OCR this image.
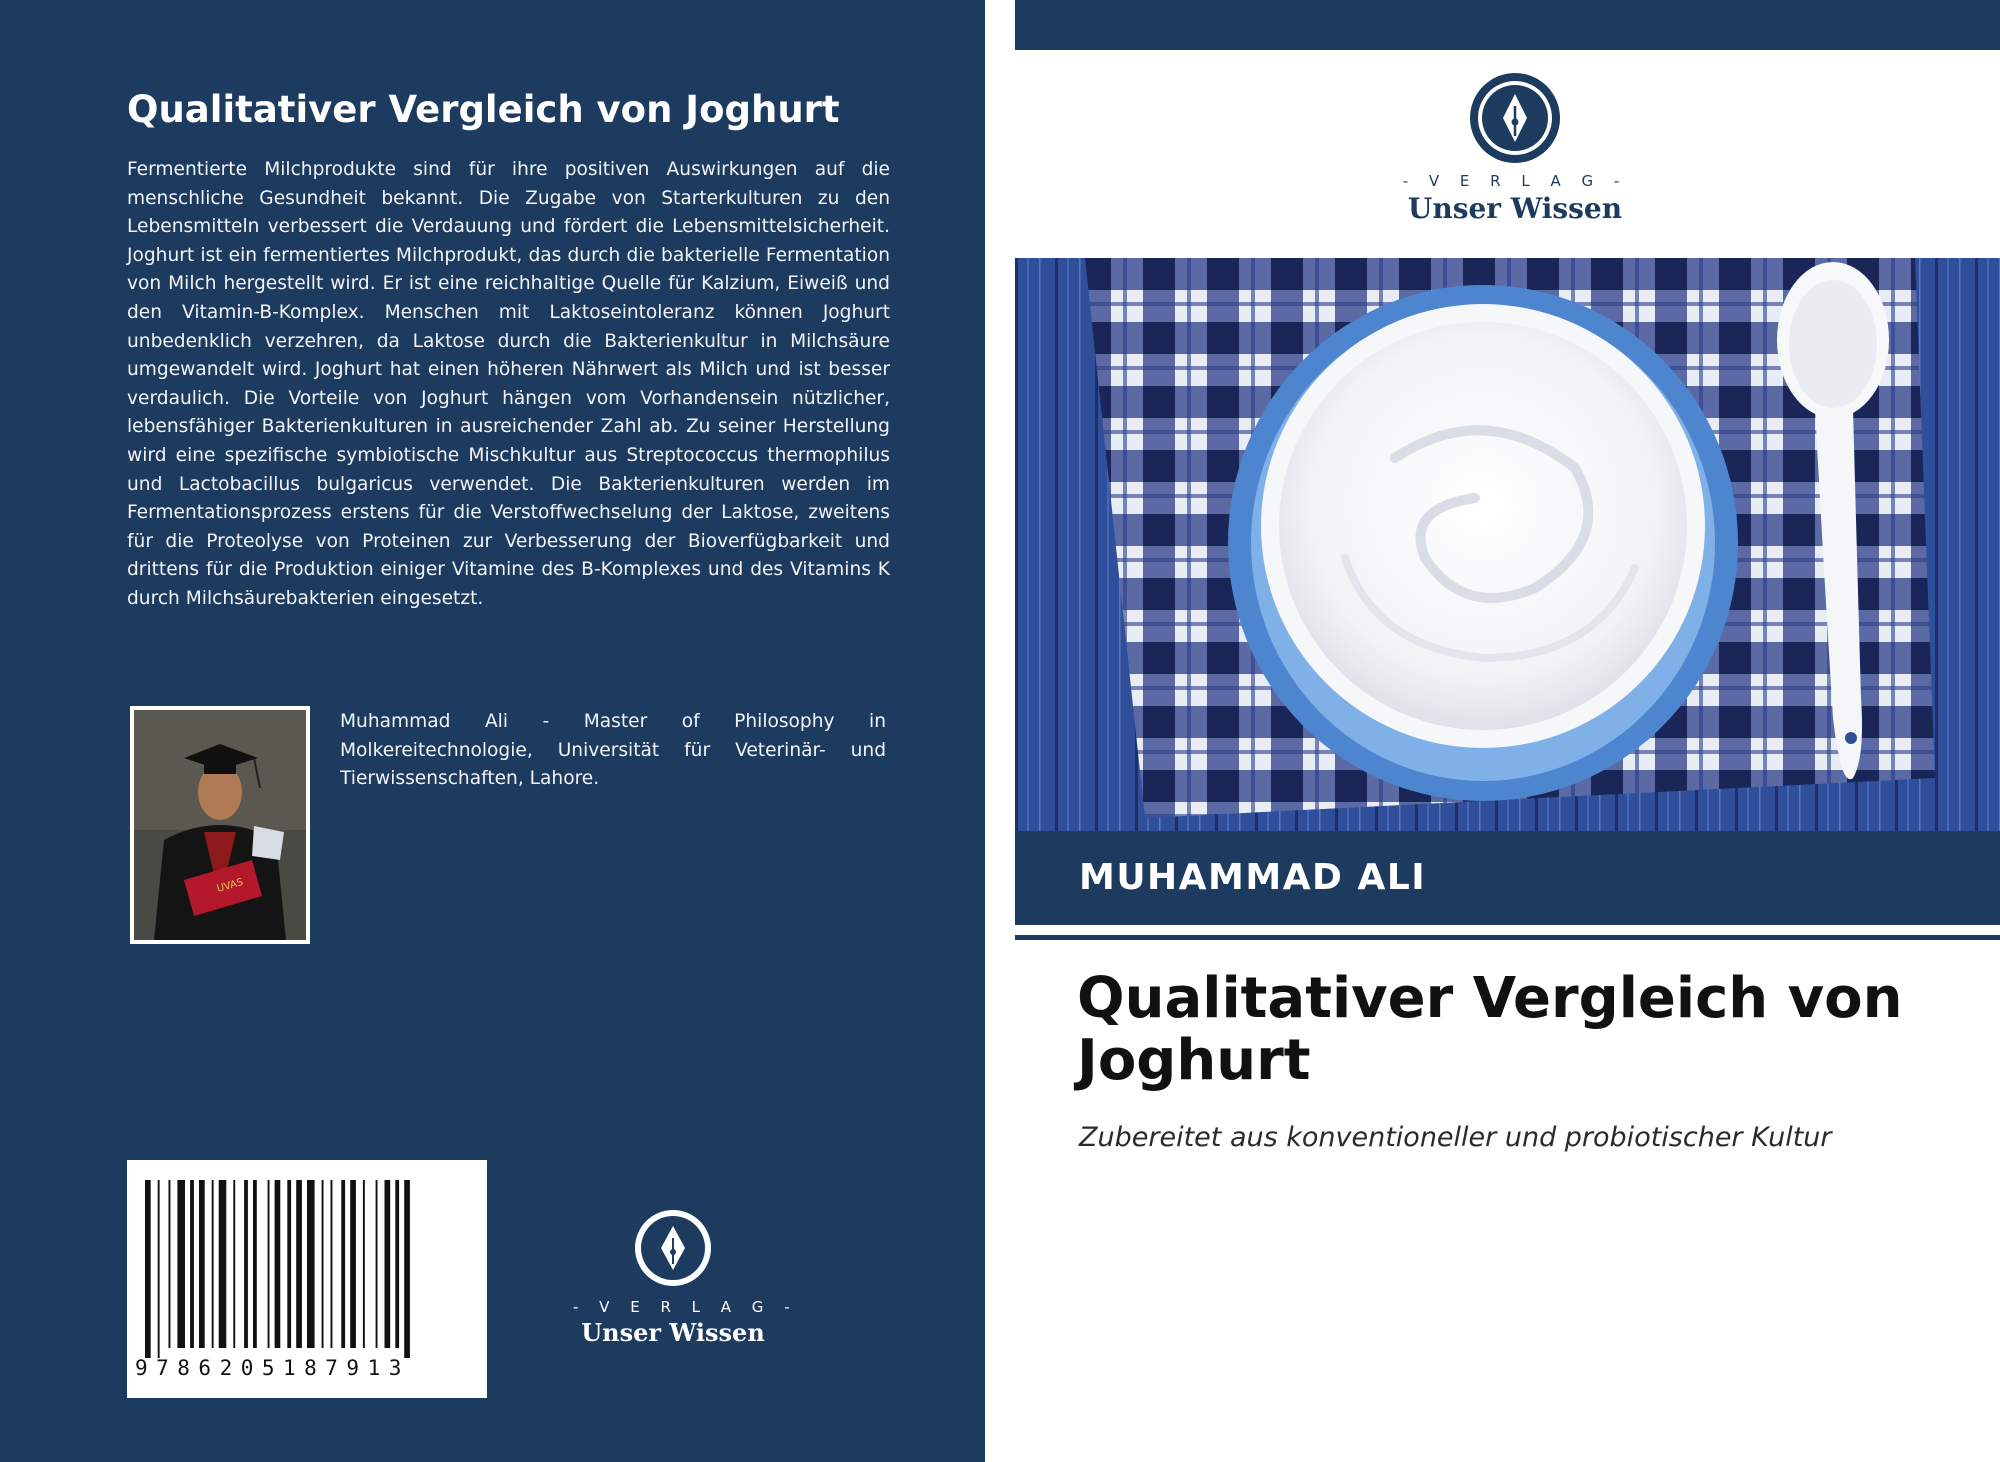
Qualitativer Vergleich von Joghurt

Fermentierte Milchprodukte sind für ihre positiven Auswirkungen auf die menschliche Gesundheit bekannt. Die Zugabe von Starterkulturen zu den Lebensmitteln verbessert die Verdauung und fördert die Lebensmittelsicherheit. Joghurt ist ein fermentiertes Milchprodukt, das durch die bakterielle Fermentation von Milch hergestellt wird. Er ist eine reichhaltige Quelle für Kalzium, Eiweiß und den Vitamin-B-Komplex. Menschen mit Laktoseintoleranz können Joghurt unbedenklich verzehren, da Laktose durch die Bakterienkultur in Milchsäure umgewandelt wird. Joghurt hat einen höheren Nährwert als Milch und ist besser verdaulich. Die Vorteile von Joghurt hängen vom Vorhandensein nützlicher, lebensfähiger Bakterienkulturen in ausreichender Zahl ab. Zu seiner Herstellung wird eine spezifische symbiotische Mischkultur aus Streptococcus thermophilus und Lactobacillus bulgaricus verwendet. Die Bakterienkulturen werden im Fermentationsprozess erstens für die Verstoffwechselung der Laktose, zweitens für die Proteolyse von Proteinen zur Verbesserung der Bioverfügbarkeit und drittens für die Produktion einiger Vitamine des B-Komplexes und des Vitamins K durch Milchsäurebakterien eingesetzt.

UVAS

Muhammad Ali - Master of Philosophy in Molkereitechnologie, Universität für Veterinär- und Tierwissenschaften, Lahore.

9786205187913
- V E R L A G -
Unser Wissen
- V E R L A G -
Unser Wissen
MUHAMMAD ALI

Qualitativer Vergleich von Joghurt

Zubereitet aus konventioneller und probiotischer Kultur
